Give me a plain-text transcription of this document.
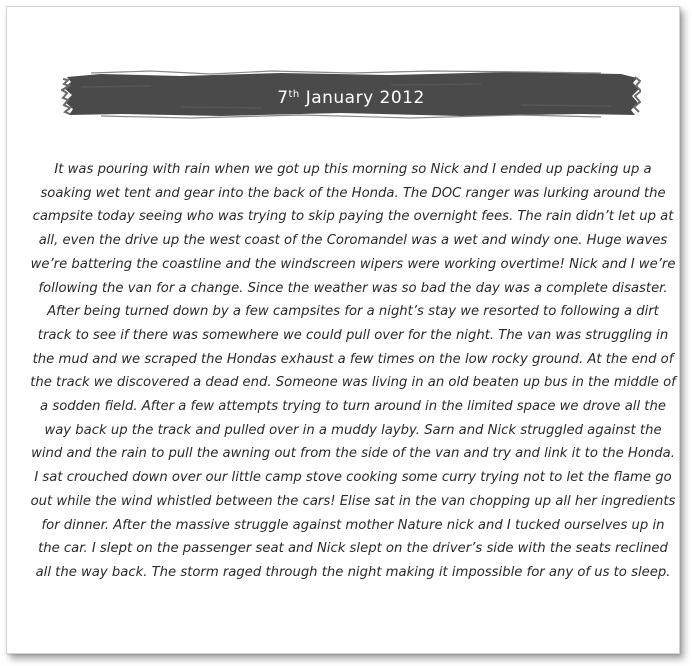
7th January 2012

It was pouring with rain when we got up this morning so Nick and I ended up packing up a soaking wet tent and gear into the back of the Honda. The DOC ranger was lurking around the campsite today seeing who was trying to skip paying the overnight fees. The rain didn’t let up at all, even the drive up the west coast of the Coromandel was a wet and windy one. Huge waves we’re battering the coastline and the windscreen wipers were working overtime! Nick and I we’re following the van for a change. Since the weather was so bad the day was a complete disaster. After being turned down by a few campsites for a night’s stay we resorted to following a dirt track to see if there was somewhere we could pull over for the night. The van was struggling in the mud and we scraped the Hondas exhaust a few times on the low rocky ground. At the end of the track we discovered a dead end. Someone was living in an old beaten up bus in the middle of a sodden field. After a few attempts trying to turn around in the limited space we drove all the way back up the track and pulled over in a muddy layby. Sarn and Nick struggled against the wind and the rain to pull the awning out from the side of the van and try and link it to the Honda. I sat crouched down over our little camp stove cooking some curry trying not to let the flame go out while the wind whistled between the cars! Elise sat in the van chopping up all her ingredients for dinner. After the massive struggle against mother Nature nick and I tucked ourselves up in the car. I slept on the passenger seat and Nick slept on the driver’s side with the seats reclined all the way back. The storm raged through the night making it impossible for any of us to sleep.
